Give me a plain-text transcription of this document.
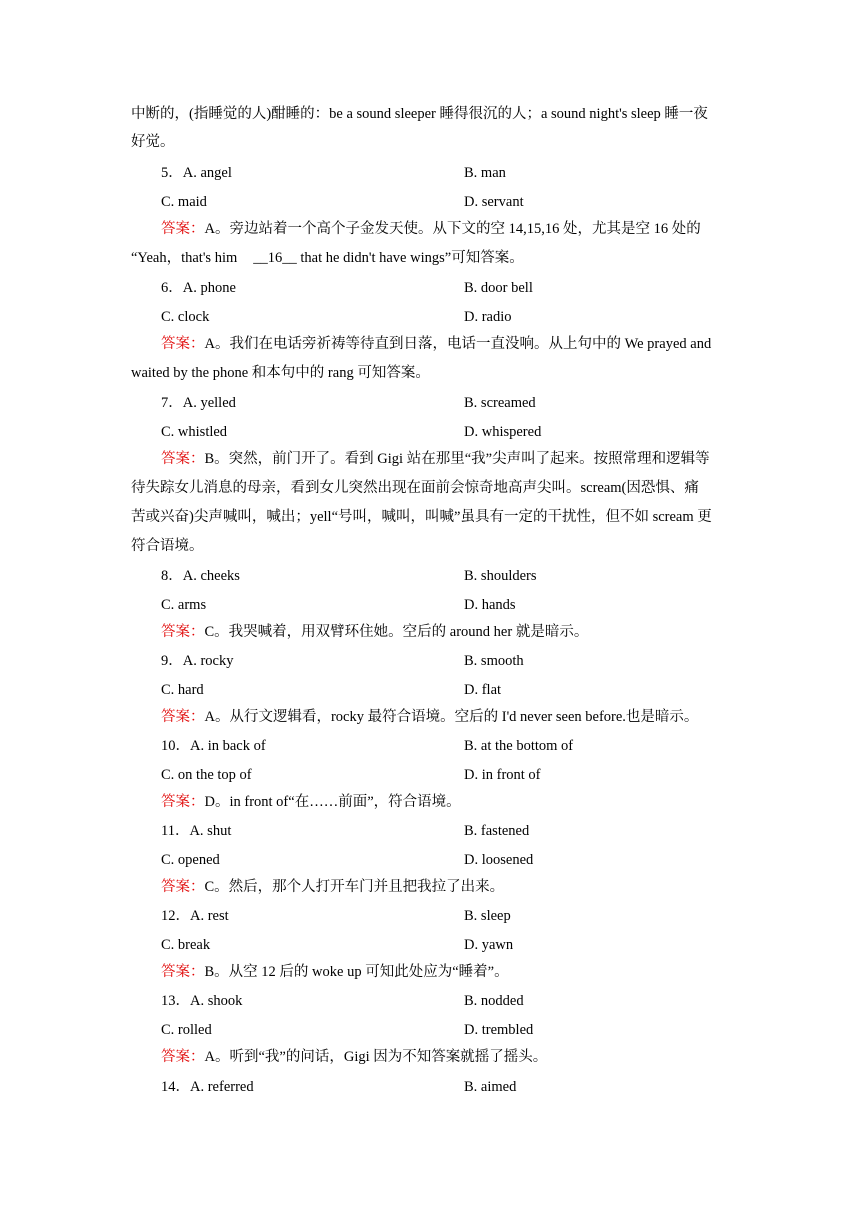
中断的，(指睡觉的人)酣睡的：be a sound sleeper 睡得很沉的人；a sound night's sleep 睡一夜
好觉。
5．A. angel	B. man
C. maid	D. servant
答案：A。旁边站着一个高个子金发天使。从下文的空 14,15,16 处，尤其是空 16 处的
“Yeah，that's him __16__ that he didn't have wings”可知答案。
6．A. phone	B. door bell
C. clock	D. radio
答案：A。我们在电话旁祈祷等待直到日落，电话一直没响。从上句中的 We prayed and
waited by the phone 和本句中的 rang 可知答案。
7．A. yelled	B. screamed
C. whistled	D. whispered
答案：B。突然，前门开了。看到 Gigi 站在那里“我”尖声叫了起来。按照常理和逻辑等
待失踪女儿消息的母亲，看到女儿突然出现在面前会惊奇地高声尖叫。scream(因恐惧、痛
苦或兴奋)尖声喊叫，喊出；yell“号叫，喊叫，叫喊”虽具有一定的干扰性，但不如 scream 更
符合语境。
8．A. cheeks	B. shoulders
C. arms	D. hands
答案：C。我哭喊着，用双臂环住她。空后的 around her 就是暗示。
9．A. rocky	B. smooth
C. hard	D. flat
答案：A。从行文逻辑看，rocky 最符合语境。空后的 I'd never seen before.也是暗示。
10．A. in back of	B. at the bottom of
C. on the top of	D. in front of
答案：D。in front of“在……前面”，符合语境。
11．A. shut	B. fastened
C. opened	D. loosened
答案：C。然后，那个人打开车门并且把我拉了出来。
12．A. rest	B. sleep
C. break	D. yawn
答案：B。从空 12 后的 woke up 可知此处应为“睡着”。
13．A. shook	B. nodded
C. rolled	D. trembled
答案：A。听到“我”的问话，Gigi 因为不知答案就摇了摇头。
14．A. referred	B. aimed
